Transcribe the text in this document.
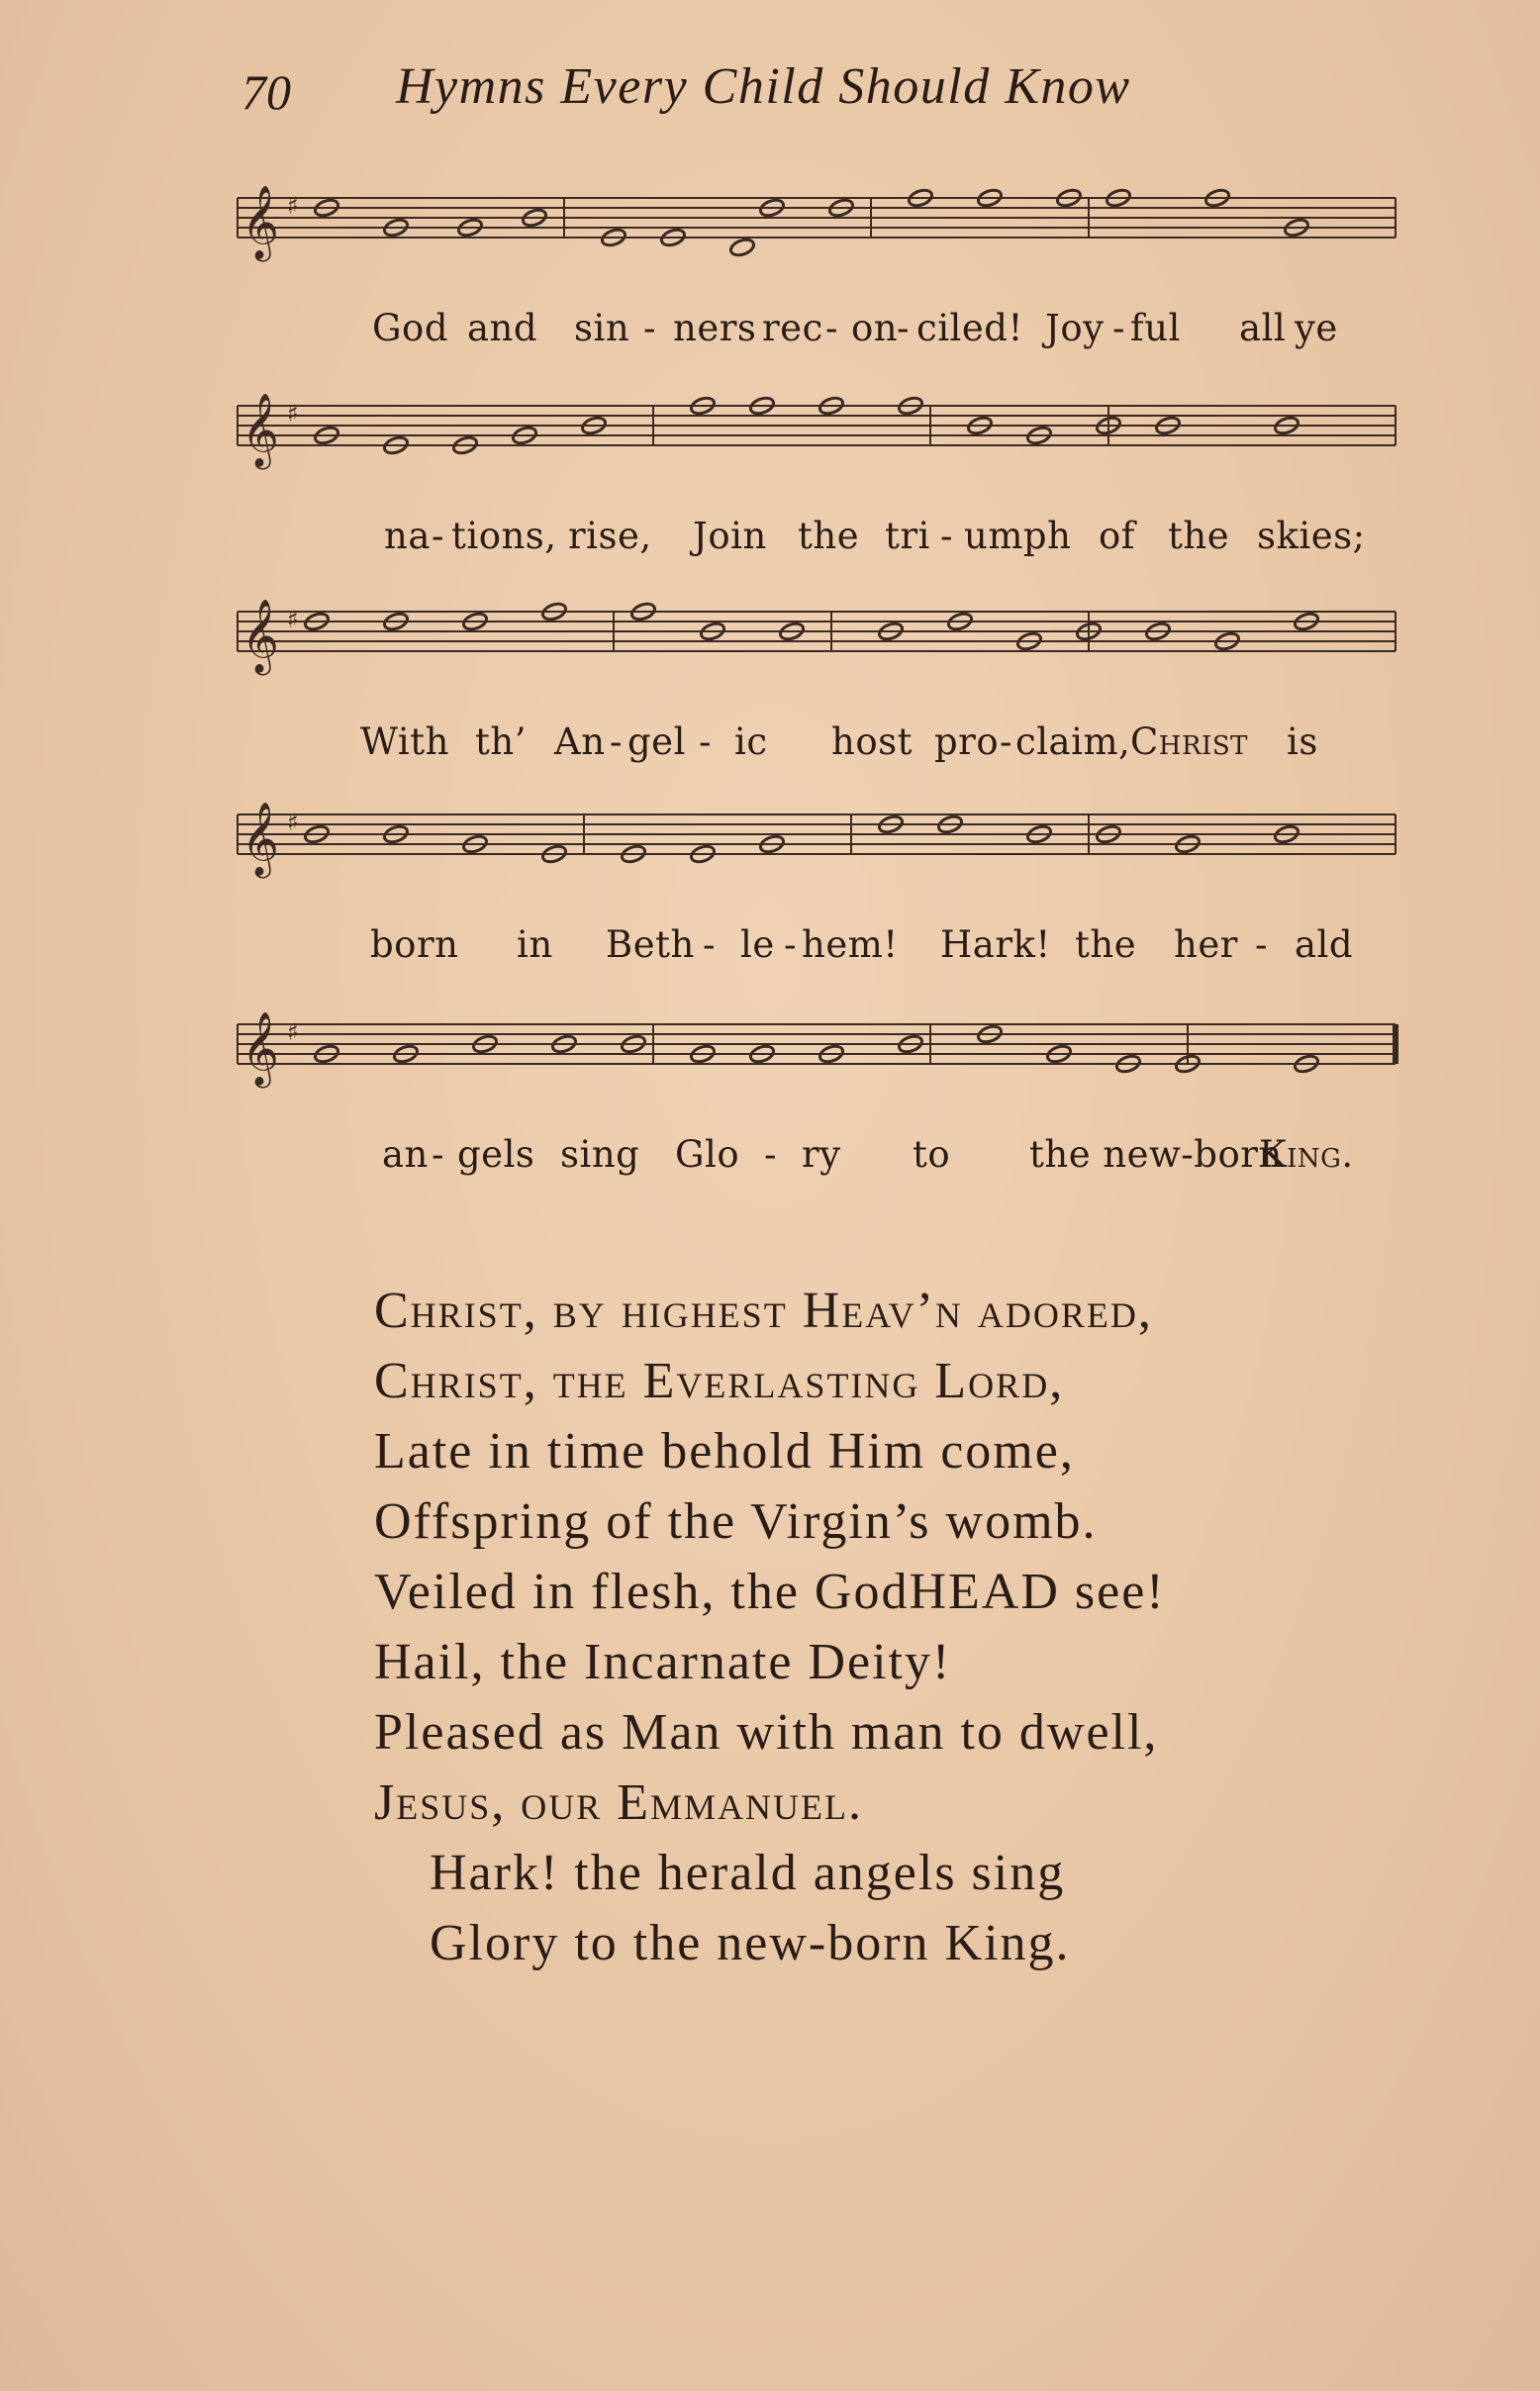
70 Hymns Every Child Should Know
𝄞 ♯
God and sin - ners rec - on
- ciled! Joy - ful all ye
𝄞 ♯
na - tions, rise, Join the tri - umph of the skies;
𝄞 ♯
With th’ An - gel - ic host pro - claim, Christ is
𝄞 ♯
born in Beth - le - hem! Hark! the her - ald
𝄞 ♯
an - gels sing Glo - ry to the new-born
King.
Christ, by highest Heav’n adored,
Christ, the Everlasting Lord,
Late in time behold Him come,
Offspring of the Virgin’s womb.
Veiled in flesh, the GodHEAD see!
Hail, the Incarnate Deity!
Pleased as Man with man to dwell,
Jesus, our Emmanuel.
Hark! the herald angels sing
Glory to the new-born King.
